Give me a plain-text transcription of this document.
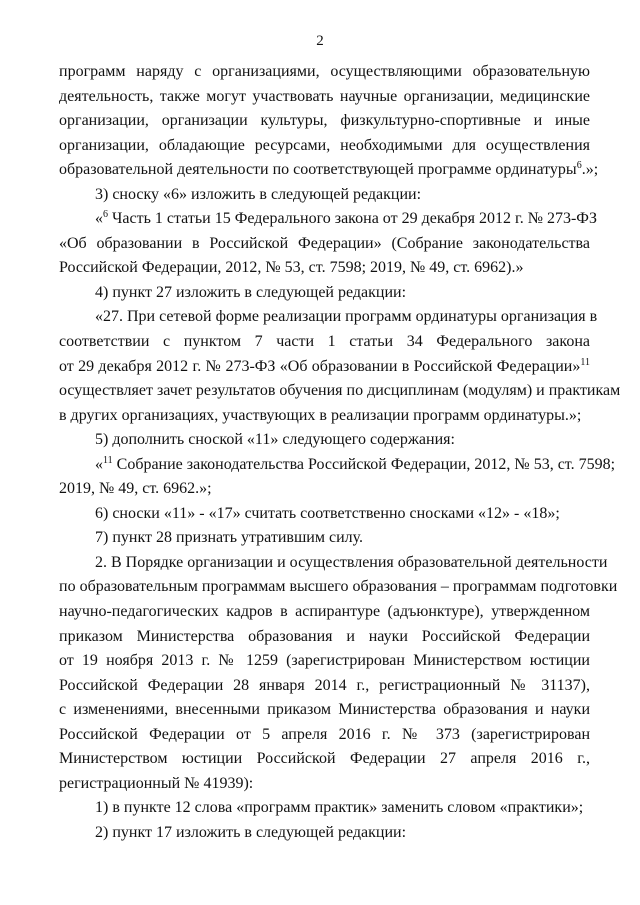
2
программ наряду с организациями, осуществляющими образовательную
деятельность, также могут участвовать научные организации, медицинские
организации, организации культуры, физкультурно-спортивные и иные
организации, обладающие ресурсами, необходимыми для осуществления
образовательной деятельности по соответствующей программе ординатуры$^6$.»;
3) сноску «6» изложить в следующей редакции:
«$^6$ Часть 1 статьи 15 Федерального закона от 29 декабря 2012 г. № 273-ФЗ
«Об образовании в Российской Федерации» (Собрание законодательства
Российской Федерации, 2012, № 53, ст. 7598; 2019, № 49, ст. 6962).»
4) пункт 27 изложить в следующей редакции:
«27. При сетевой форме реализации программ ординатуры организация в
соответствии с пунктом 7 части 1 статьи 34 Федерального закона
от 29 декабря 2012 г. № 273-ФЗ «Об образовании в Российской Федерации»$^{11}$
осуществляет зачет результатов обучения по дисциплинам (модулям) и практикам
в других организациях, участвующих в реализации программ ординатуры.»;
5) дополнить сноской «11» следующего содержания:
«$^{11}$ Собрание законодательства Российской Федерации, 2012, № 53, ст. 7598;
2019, № 49, ст. 6962.»;
6) сноски «11» - «17» считать соответственно сносками «12» - «18»;
7) пункт 28 признать утратившим силу.
2. В Порядке организации и осуществления образовательной деятельности
по образовательным программам высшего образования – программам подготовки
научно-педагогических кадров в аспирантуре (адъюнктуре), утвержденном
приказом Министерства образования и науки Российской Федерации
от 19 ноября 2013 г. № 1259 (зарегистрирован Министерством юстиции
Российской Федерации 28 января 2014 г., регистрационный № 31137),
с изменениями, внесенными приказом Министерства образования и науки
Российской Федерации от 5 апреля 2016 г. № 373 (зарегистрирован
Министерством юстиции Российской Федерации 27 апреля 2016 г.,
регистрационный № 41939):
1) в пункте 12 слова «программ практик» заменить словом «практики»;
2) пункт 17 изложить в следующей редакции:
